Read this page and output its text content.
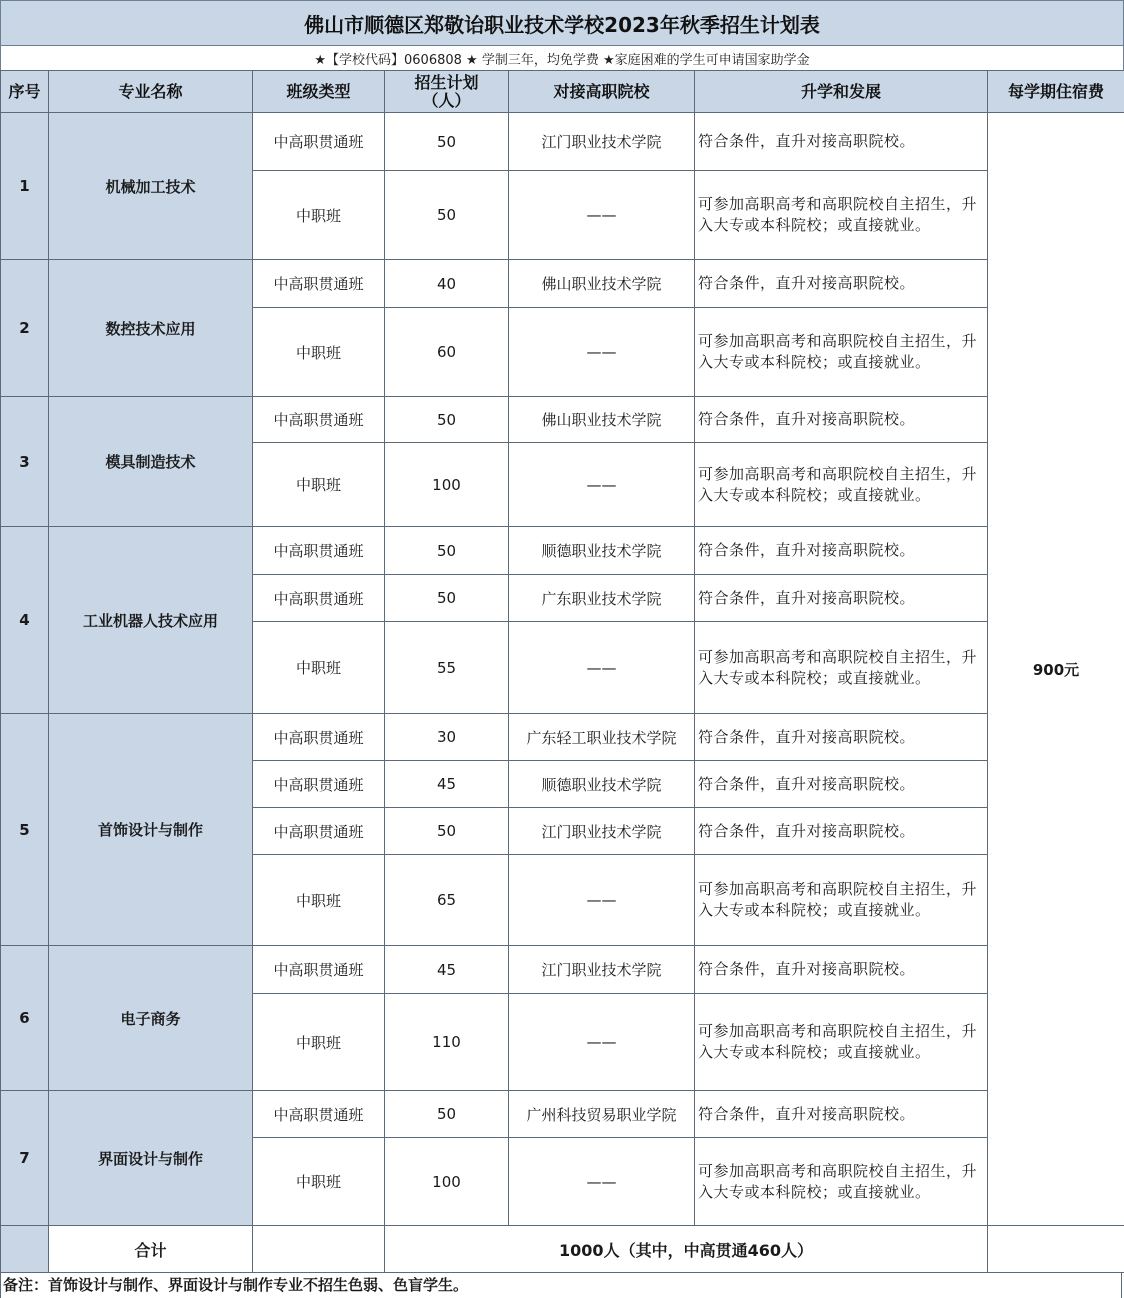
佛山市顺德区郑敬诒职业技术学校2023年秋季招生计划表
★【学校代码】0606808 ★ 学制三年，均免学费 ★家庭困难的学生可申请国家助学金
序号	专业名称	班级类型	招生计划（人）	对接高职院校	升学和发展	每学期住宿费
1	机械加工技术	中高职贯通班	50	江门职业技术学院	符合条件，直升对接高职院校。	900元
		中职班	50	——	可参加高职高考和高职院校自主招生，升入大专或本科院校；或直接就业。	
2	数控技术应用	中高职贯通班	40	佛山职业技术学院	符合条件，直升对接高职院校。	
		中职班	60	——	可参加高职高考和高职院校自主招生，升入大专或本科院校；或直接就业。	
3	模具制造技术	中高职贯通班	50	佛山职业技术学院	符合条件，直升对接高职院校。	
		中职班	100	——	可参加高职高考和高职院校自主招生，升入大专或本科院校；或直接就业。	
4	工业机器人技术应用	中高职贯通班	50	顺德职业技术学院	符合条件，直升对接高职院校。	
		中高职贯通班	50	广东职业技术学院	符合条件，直升对接高职院校。	
		中职班	55	——	可参加高职高考和高职院校自主招生，升入大专或本科院校；或直接就业。	
5	首饰设计与制作	中高职贯通班	30	广东轻工职业技术学院	符合条件，直升对接高职院校。	
		中高职贯通班	45	顺德职业技术学院	符合条件，直升对接高职院校。	
		中高职贯通班	50	江门职业技术学院	符合条件，直升对接高职院校。	
		中职班	65	——	可参加高职高考和高职院校自主招生，升入大专或本科院校；或直接就业。	
6	电子商务	中高职贯通班	45	江门职业技术学院	符合条件，直升对接高职院校。	
		中职班	110	——	可参加高职高考和高职院校自主招生，升入大专或本科院校；或直接就业。	
7	界面设计与制作	中高职贯通班	50	广州科技贸易职业学院	符合条件，直升对接高职院校。	
		中职班	100	——	可参加高职高考和高职院校自主招生，升入大专或本科院校；或直接就业。	
	合计		1000人（其中，中高贯通460人）			
备注：首饰设计与制作、界面设计与制作专业不招生色弱、色盲学生。
